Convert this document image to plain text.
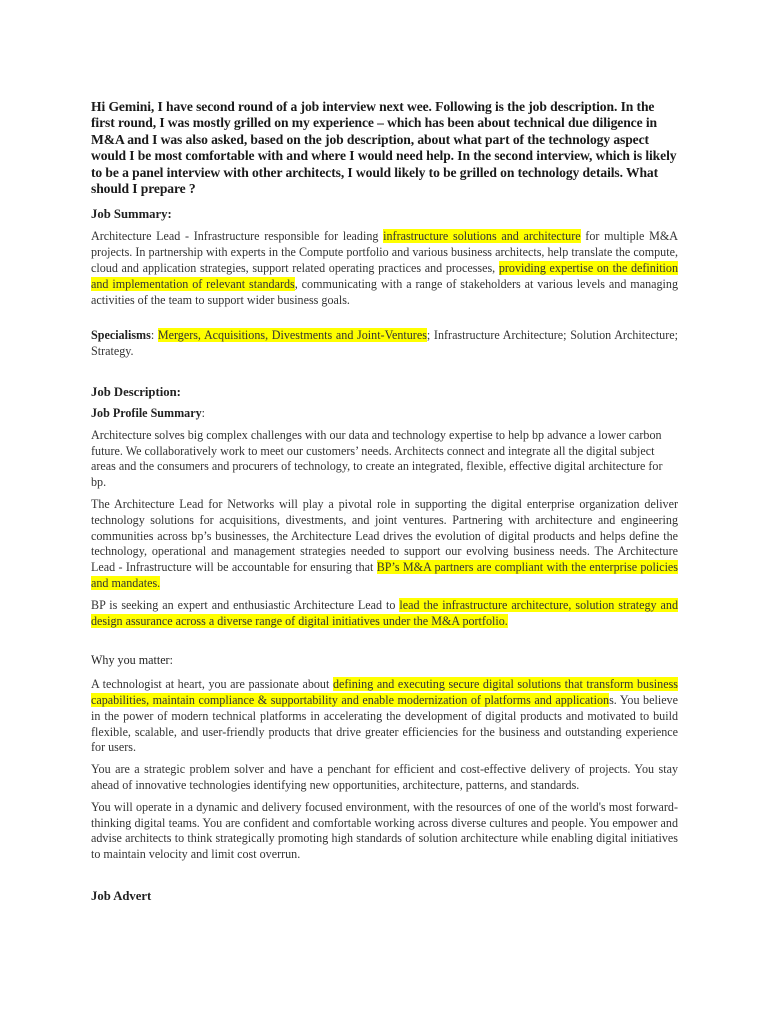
Hi Gemini, I have second round of a job interview next wee. Following is the job description. In the first round, I was mostly grilled on my experience – which has been about technical due diligence in M&A and I was also asked, based on the job description, about what part of the technology aspect would I be most comfortable with and where I would need help. In the second interview, which is likely to be a panel interview with other architects, I would likely to be grilled on technology details. What should I prepare ?

Job Summary:

Architecture Lead - Infrastructure responsible for leading infrastructure solutions and architecture for multiple M&A projects. In partnership with experts in the Compute portfolio and various business architects, help translate the compute, cloud and application strategies, support related operating practices and processes, providing expertise on the definition and implementation of relevant standards, communicating with a range of stakeholders at various levels and managing activities of the team to support wider business goals.

Specialisms: Mergers, Acquisitions, Divestments and Joint-Ventures; Infrastructure Architecture; Solution Architecture; Strategy.

Job Description:

Job Profile Summary:

Architecture solves big complex challenges with our data and technology expertise to help bp advance a lower carbon future. We collaboratively work to meet our customers’ needs. Architects connect and integrate all the digital subject areas and the consumers and procurers of technology, to create an integrated, flexible, effective digital architecture for bp.

The Architecture Lead for Networks will play a pivotal role in supporting the digital enterprise organization deliver technology solutions for acquisitions, divestments, and joint ventures. Partnering with architecture and engineering communities across bp’s businesses, the Architecture Lead drives the evolution of digital products and helps define the technology, operational and management strategies needed to support our evolving business needs. The Architecture Lead - Infrastructure will be accountable for ensuring that BP’s M&A partners are compliant with the enterprise policies and mandates.

BP is seeking an expert and enthusiastic Architecture Lead to lead the infrastructure architecture, solution strategy and design assurance across a diverse range of digital initiatives under the M&A portfolio.

Why you matter:

A technologist at heart, you are passionate about defining and executing secure digital solutions that transform business capabilities, maintain compliance & supportability and enable modernization of platforms and applications. You believe in the power of modern technical platforms in accelerating the development of digital products and motivated to build flexible, scalable, and user-friendly products that drive greater efficiencies for the business and outstanding experience for users.

You are a strategic problem solver and have a penchant for efficient and cost-effective delivery of projects. You stay ahead of innovative technologies identifying new opportunities, architecture, patterns, and standards.

You will operate in a dynamic and delivery focused environment, with the resources of one of the world's most forward-thinking digital teams. You are confident and comfortable working across diverse cultures and people. You empower and advise architects to think strategically promoting high standards of solution architecture while enabling digital initiatives to maintain velocity and limit cost overrun.

Job Advert
